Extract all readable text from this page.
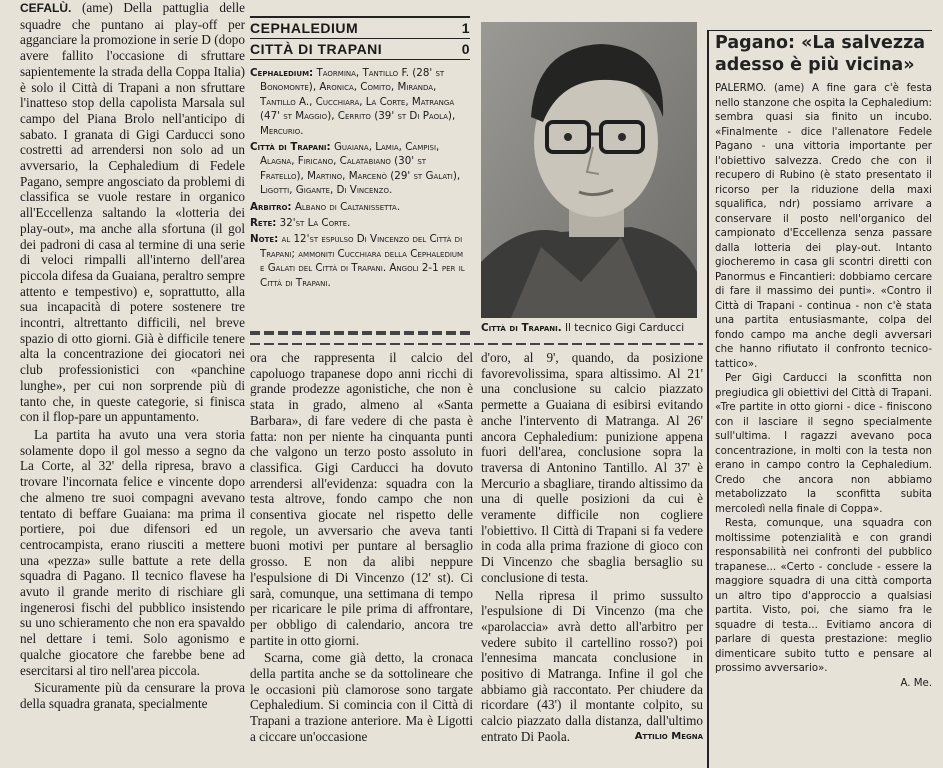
CEFALÙ. (ame) Della pattuglia delle squadre che puntano ai play-off per agganciare la promozione in serie D (dopo avere fallito l'occasione di sfruttare sapientemente la strada della Coppa Italia) è solo il Città di Trapani a non sfruttare l'inatteso stop della capolista Marsala sul campo del Piana Brolo nell'anticipo di sabato. I granata di Gigi Carducci sono costretti ad arrendersi non solo ad un avversario, la Cephaledium di Fedele Pagano, sempre angosciato da problemi di classifica se vuole restare in organico all'Eccellenza saltando la «lotteria dei play-out», ma anche alla sfortuna (il gol dei padroni di casa al termine di una serie di veloci rimpalli all'interno dell'area piccola difesa da Guaiana, peraltro sempre attento e tempestivo) e, soprattutto, alla sua incapacità di potere sostenere tre incontri, altrettanto difficili, nel breve spazio di otto giorni. Già è difficile tenere alta la concentrazione dei giocatori nei club professionistici con «panchine lunghe», per cui non sorprende più di tanto che, in queste categorie, si finisca con il flop-pare un appuntamento.

La partita ha avuto una vera storia solamente dopo il gol messo a segno da La Corte, al 32' della ripresa, bravo a trovare l'incornata felice e vincente dopo che almeno tre suoi compagni avevano tentato di beffare Guaiana: ma prima il portiere, poi due difensori ed un centrocampista, erano riusciti a mettere una «pezza» sulle battute a rete della squadra di Pagano. Il tecnico flavese ha avuto il grande merito di rischiare gli ingenerosi fischi del pubblico insistendo su uno schieramento che non era spavaldo nel dettare i temi. Solo agonismo e qualche giocatore che farebbe bene ad esercitarsi al tiro nell'area piccola.

Sicuramente più da censurare la prova della squadra granata, specialmente

CEPHALEDIUM	1
CITTÀ DI TRAPANI	0

Cephaledium: Taormina, Tantillo F. (28' st Bonomonte), Aronica, Comito, Miranda, Tantillo A., Cucchiara, La Corte, Matranga (47' st Maggio), Cerrito (39' st Di Paola), Mercurio.

Città di Trapani: Guaiana, Lamia, Campisi, Alagna, Firicano, Calatabiano (30' st Fratello), Martino, Marcenò (29' st Galati), Ligotti, Gigante, Di Vincenzo.

Arbitro: Albano di Caltanissetta.

Rete: 32'st La Corte.

Note: al 12'st espulso Di Vincenzo del Città di Trapani; ammoniti Cucchiara della Cephaledium e Galati del Città di Trapani. Angoli 2-1 per il Città di Trapani.

Città di Trapani. Il tecnico Gigi Carducci

ora che rappresenta il calcio del capoluogo trapanese dopo anni ricchi di grande prodezze agonistiche, che non è stata in grado, almeno al «Santa Barbara», di fare vedere di che pasta è fatta: non per niente ha cinquanta punti che valgono un terzo posto assoluto in classifica. Gigi Carducci ha dovuto arrendersi all'evidenza: squadra con la testa altrove, fondo campo che non consentiva giocate nel rispetto delle regole, un avversario che aveva tanti buoni motivi per puntare al bersaglio grosso. E non da alibi neppure l'espulsione di Di Vincenzo (12' st). Ci sarà, comunque, una settimana di tempo per ricaricare le pile prima di affrontare, per obbligo di calendario, ancora tre partite in otto giorni.

Scarna, come già detto, la cronaca della partita anche se da sottolineare che le occasioni più clamorose sono targate Cephaledium. Si comincia con il Città di Trapani a trazione anteriore. Ma è Ligotti a ciccare un'occasione

d'oro, al 9', quando, da posizione favorevolissima, spara altissimo. Al 21' una conclusione su calcio piazzato permette a Guaiana di esibirsi evitando anche l'intervento di Matranga. Al 26' ancora Cephaledium: punizione appena fuori dell'area, conclusione sopra la traversa di Antonino Tantillo. Al 37' è Mercurio a sbagliare, tirando altissimo da una di quelle posizioni da cui è veramente difficile non cogliere l'obiettivo. Il Città di Trapani si fa vedere in coda alla prima frazione di gioco con Di Vincenzo che sbaglia bersaglio su conclusione di testa.

Nella ripresa il primo sussulto l'espulsione di Di Vincenzo (ma che «parolaccia» avrà detto all'arbitro per vedere subito il cartellino rosso?) poi l'ennesima mancata conclusione in positivo di Matranga. Infine il gol che abbiamo già raccontato. Per chiudere da ricordare (43') il montante colpito, su calcio piazzato dalla distanza, dall'ultimo entrato Di Paola.	Attilio Megna

Pagano: «La salvezza adesso è più vicina»

PALERMO. (ame) A fine gara c'è festa nello stanzone che ospita la Cephaledium: sembra quasi sia finito un incubo. «Finalmente - dice l'allenatore Fedele Pagano - una vittoria importante per l'obiettivo salvezza. Credo che con il recupero di Rubino (è stato presentato il ricorso per la riduzione della maxi squalifica, ndr) possiamo arrivare a conservare il posto nell'organico del campionato d'Eccellenza senza passare dalla lotteria dei play-out. Intanto giocheremo in casa gli scontri diretti con Panormus e Fincantieri: dobbiamo cercare di fare il massimo dei punti». «Contro il Città di Trapani - continua - non c'è stata una partita entusiasmante, colpa del fondo campo ma anche degli avversari che hanno rifiutato il confronto tecnico-tattico».

Per Gigi Carducci la sconfitta non pregiudica gli obiettivi del Città di Trapani. «Tre partite in otto giorni - dice - finiscono con il lasciare il segno specialmente sull'ultima. I ragazzi avevano poca concentrazione, in molti con la testa non erano in campo contro la Cephaledium. Credo che ancora non abbiamo metabolizzato la sconfitta subita mercoledì nella finale di Coppa».

Resta, comunque, una squadra con moltissime potenzialità e con grandi responsabilità nei confronti del pubblico trapanese... «Certo - conclude - essere la maggiore squadra di una città comporta un altro tipo d'approccio a qualsiasi partita. Visto, poi, che siamo fra le squadre di testa... Evitiamo ancora di parlare di questa prestazione: meglio dimenticare subito tutto e pensare al prossimo avversario».

A. Me.
